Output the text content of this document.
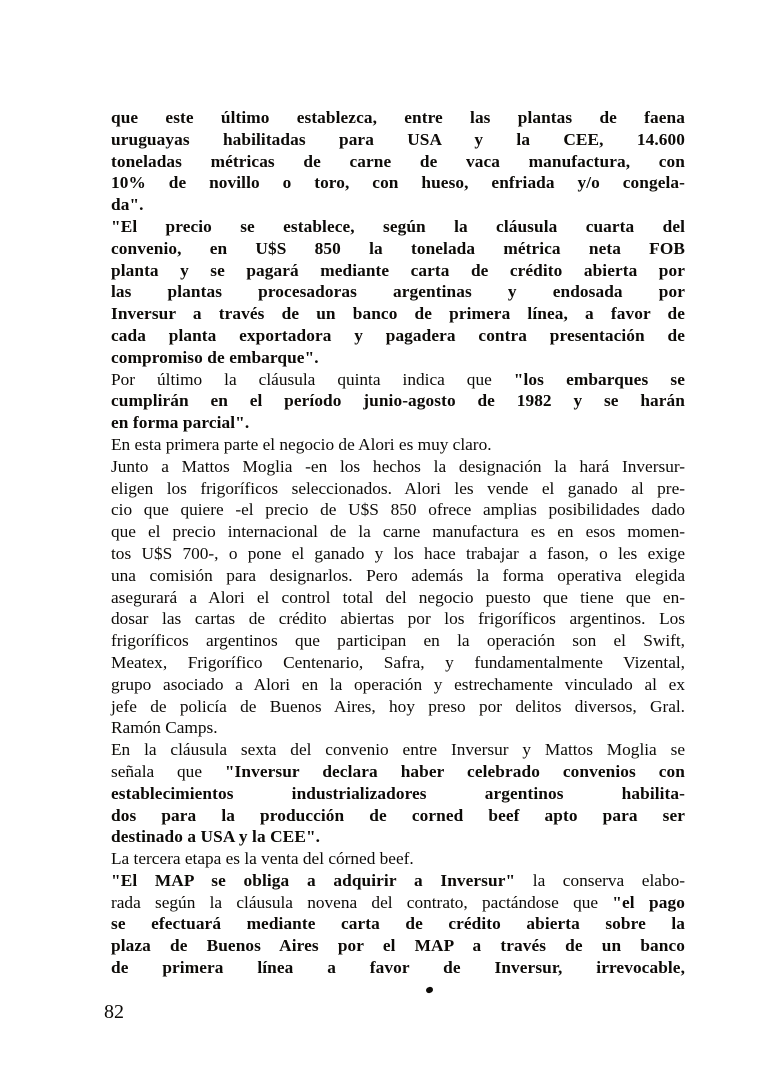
que este último establezca, entre las plantas de faena
uruguayas habilitadas para USA y la CEE, 14.600
toneladas métricas de carne de vaca manufactura, con
10% de novillo o toro, con hueso, enfriada y/o congela-
da".
"El precio se establece, según la cláusula cuarta del
convenio, en U$S 850 la tonelada métrica neta FOB
planta y se pagará mediante carta de crédito abierta por
las plantas procesadoras argentinas y endosada por
Inversur a través de un banco de primera línea, a favor de
cada planta exportadora y pagadera contra presentación de
compromiso de embarque".
Por último la cláusula quinta indica que "los embarques se
cumplirán en el período junio-agosto de 1982 y se harán
en forma parcial".
En esta primera parte el negocio de Alori es muy claro.
Junto a Mattos Moglia -en los hechos la designación la hará Inversur-
eligen los frigoríficos seleccionados. Alori les vende el ganado al pre-
cio que quiere -el precio de U$S 850 ofrece amplias posibilidades dado
que el precio internacional de la carne manufactura es en esos momen-
tos U$S 700-, o pone el ganado y los hace trabajar a fason, o les exige
una comisión para designarlos. Pero además la forma operativa elegida
asegurará a Alori el control total del negocio puesto que tiene que en-
dosar las cartas de crédito abiertas por los frigoríficos argentinos. Los
frigoríficos argentinos que participan en la operación son el Swift,
Meatex, Frigorífico Centenario, Safra, y fundamentalmente Vizental,
grupo asociado a Alori en la operación y estrechamente vinculado al ex
jefe de policía de Buenos Aires, hoy preso por delitos diversos, Gral.
Ramón Camps.
En la cláusula sexta del convenio entre Inversur y Mattos Moglia se
señala que "Inversur declara haber celebrado convenios con
establecimientos industrializadores argentinos habilita-
dos para la producción de corned beef apto para ser
destinado a USA y la CEE".
La tercera etapa es la venta del córned beef.
"El MAP se obliga a adquirir a Inversur" la conserva elabo-
rada según la cláusula novena del contrato, pactándose que "el pago
se efectuará mediante carta de crédito abierta sobre la
plaza de Buenos Aires por el MAP a través de un banco
de primera línea a favor de Inversur, irrevocable,
82
